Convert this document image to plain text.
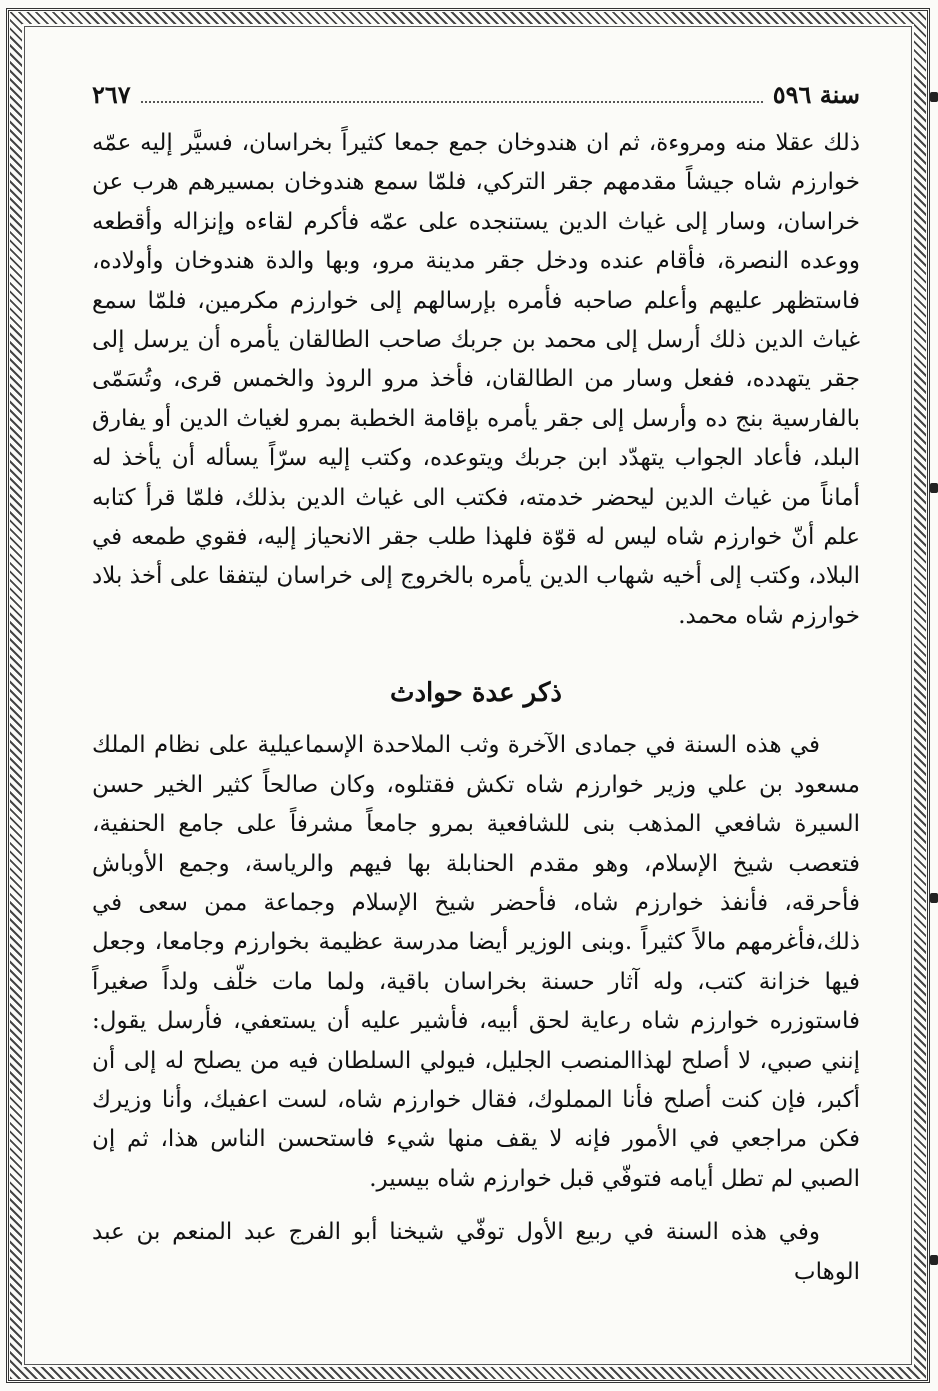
سنة ٥٩٦
٢٦٧

ذلك عقلا منه ومروءة، ثم ان هندوخان جمع جمعا كثيراً بخراسان، فسيَّر إليه عمّه خوارزم شاه جيشاً مقدمهم جقر التركي، فلمّا سمع هندوخان بمسيرهم هرب عن خراسان، وسار إلى غياث الدين يستنجده على عمّه فأكرم لقاءه وإنزاله وأقطعه ووعده النصرة، فأقام عنده ودخل جقر مدينة مرو، وبها والدة هندوخان وأولاده، فاستظهر عليهم وأعلم صاحبه فأمره بإرسالهم إلى خوارزم مكرمين، فلمّا سمع غياث الدين ذلك أرسل إلى محمد بن جربك صاحب الطالقان يأمره أن يرسل إلى جقر يتهدده، ففعل وسار من الطالقان، فأخذ مرو الروذ والخمس قرى، وتُسَمّى بالفارسية بنج ده وأرسل إلى جقر يأمره بإقامة الخطبة بمرو لغياث الدين أو يفارق البلد، فأعاد الجواب يتهدّد ابن جربك ويتوعده، وكتب إليه سرّاً يسأله أن يأخذ له أماناً من غياث الدين ليحضر خدمته، فكتب الى غياث الدين بذلك، فلمّا قرأ كتابه علم أنّ خوارزم شاه ليس له قوّة فلهذا طلب جقر الانحياز إليه، فقوي طمعه في البلاد، وكتب إلى أخيه شهاب الدين يأمره بالخروج إلى خراسان ليتفقا على أخذ بلاد خوارزم شاه محمد.

ذكر عدة حوادث

في هذه السنة في جمادى الآخرة وثب الملاحدة الإسماعيلية على نظام الملك مسعود بن علي وزير خوارزم شاه تكش فقتلوه، وكان صالحاً كثير الخير حسن السيرة شافعي المذهب بنى للشافعية بمرو جامعاً مشرفاً على جامع الحنفية، فتعصب شيخ الإسلام، وهو مقدم الحنابلة بها فيهم والرياسة، وجمع الأوباش فأحرقه، فأنفذ خوارزم شاه، فأحضر شيخ الإسلام وجماعة ممن سعى في ذلك،فأغرمهم مالاً كثيراً .وبنى الوزير أيضا مدرسة عظيمة بخوارزم وجامعا، وجعل فيها خزانة كتب، وله آثار حسنة بخراسان باقية، ولما مات خلّف ولداً صغيراً فاستوزره خوارزم شاه رعاية لحق أبيه، فأشير عليه أن يستعفي، فأرسل يقول: إنني صبي، لا أصلح لهذاالمنصب الجليل، فيولي السلطان فيه من يصلح له إلى أن أكبر، فإن كنت أصلح فأنا المملوك، فقال خوارزم شاه، لست اعفيك، وأنا وزيرك فكن مراجعي في الأمور فإنه لا يقف منها شيء فاستحسن الناس هذا، ثم إن الصبي لم تطل أيامه فتوفّي قبل خوارزم شاه بيسير.

وفي هذه السنة في ربيع الأول توفّي شيخنا أبو الفرج عبد المنعم بن عبد الوهاب
